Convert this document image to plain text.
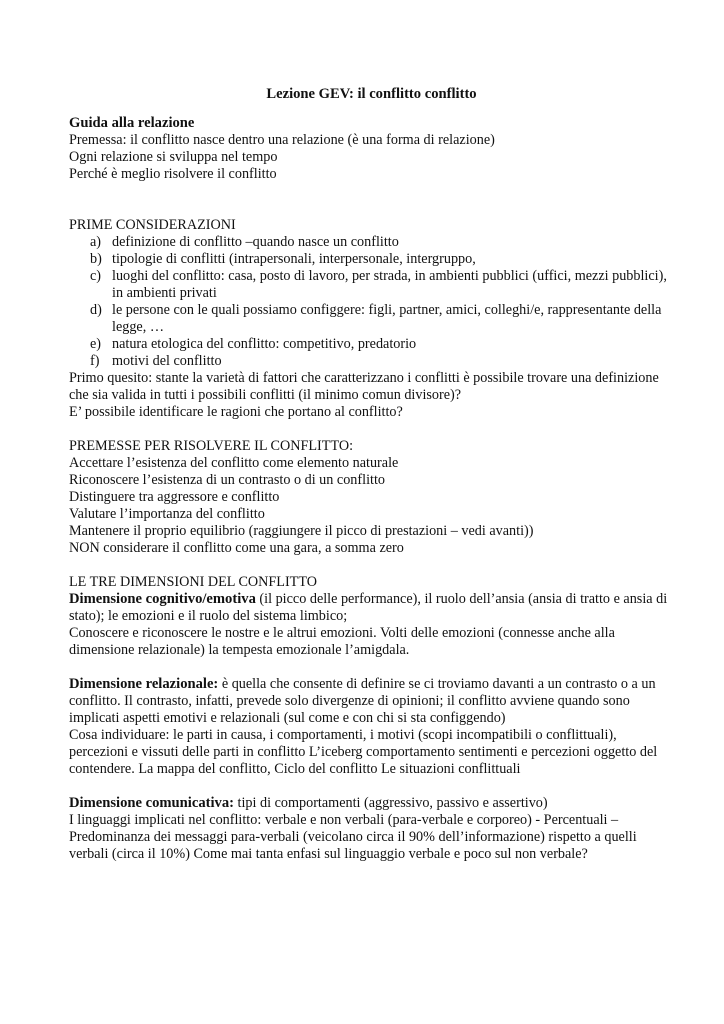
Lezione GEV: il conflitto conflitto

Guida alla relazione

Premessa: il conflitto nasce dentro una relazione (è una forma di relazione)

Ogni relazione si sviluppa nel tempo

Perché è meglio risolvere il conflitto

PRIME CONSIDERAZIONI

a) definizione di conflitto –quando nasce un conflitto
b) tipologie di conflitti (intrapersonali, interpersonale, intergruppo,
c) luoghi del conflitto: casa, posto di lavoro, per strada, in ambienti pubblici (uffici, mezzi pubblici), in ambienti privati
d) le persone con le quali possiamo configgere: figli, partner, amici, colleghi/e, rappresentante della legge, …
e) natura etologica del conflitto: competitivo, predatorio
f) motivi del conflitto

Primo quesito: stante la varietà di fattori che caratterizzano i conflitti è possibile trovare una definizione che sia valida in tutti i possibili conflitti (il minimo comun divisore)?

E’ possibile identificare le ragioni che portano al conflitto?

PREMESSE PER RISOLVERE IL CONFLITTO:

Accettare l’esistenza del conflitto come elemento naturale

Riconoscere l’esistenza di un contrasto o di un conflitto

Distinguere tra aggressore e conflitto

Valutare l’importanza del conflitto

Mantenere il proprio equilibrio (raggiungere il picco di prestazioni – vedi avanti))

NON considerare il conflitto come una gara, a somma zero

LE TRE DIMENSIONI DEL CONFLITTO

Dimensione cognitivo/emotiva (il picco delle performance), il ruolo dell’ansia (ansia di tratto e ansia di stato); le emozioni e il ruolo del sistema limbico;

Conoscere e riconoscere le nostre e le altrui emozioni. Volti delle emozioni (connesse anche alla dimensione relazionale) la tempesta emozionale l’amigdala.

Dimensione relazionale: è quella che consente di definire se ci troviamo davanti a un contrasto o a un conflitto. Il contrasto, infatti, prevede solo divergenze di opinioni; il conflitto avviene quando sono implicati aspetti emotivi e relazionali (sul come e con chi si sta configgendo)

Cosa individuare: le parti in causa, i comportamenti, i motivi (scopi incompatibili o conflittuali), percezioni e vissuti delle parti in conflitto L’iceberg comportamento sentimenti e percezioni oggetto del contendere. La mappa del conflitto, Ciclo del conflitto Le situazioni conflittuali

Dimensione comunicativa: tipi di comportamenti (aggressivo, passivo e assertivo)

I linguaggi implicati nel conflitto: verbale e non verbali (para-verbale e corporeo) - Percentuali – Predominanza dei messaggi para-verbali (veicolano circa il 90% dell’informazione) rispetto a quelli verbali (circa il 10%) Come mai tanta enfasi sul linguaggio verbale e poco sul non verbale?
